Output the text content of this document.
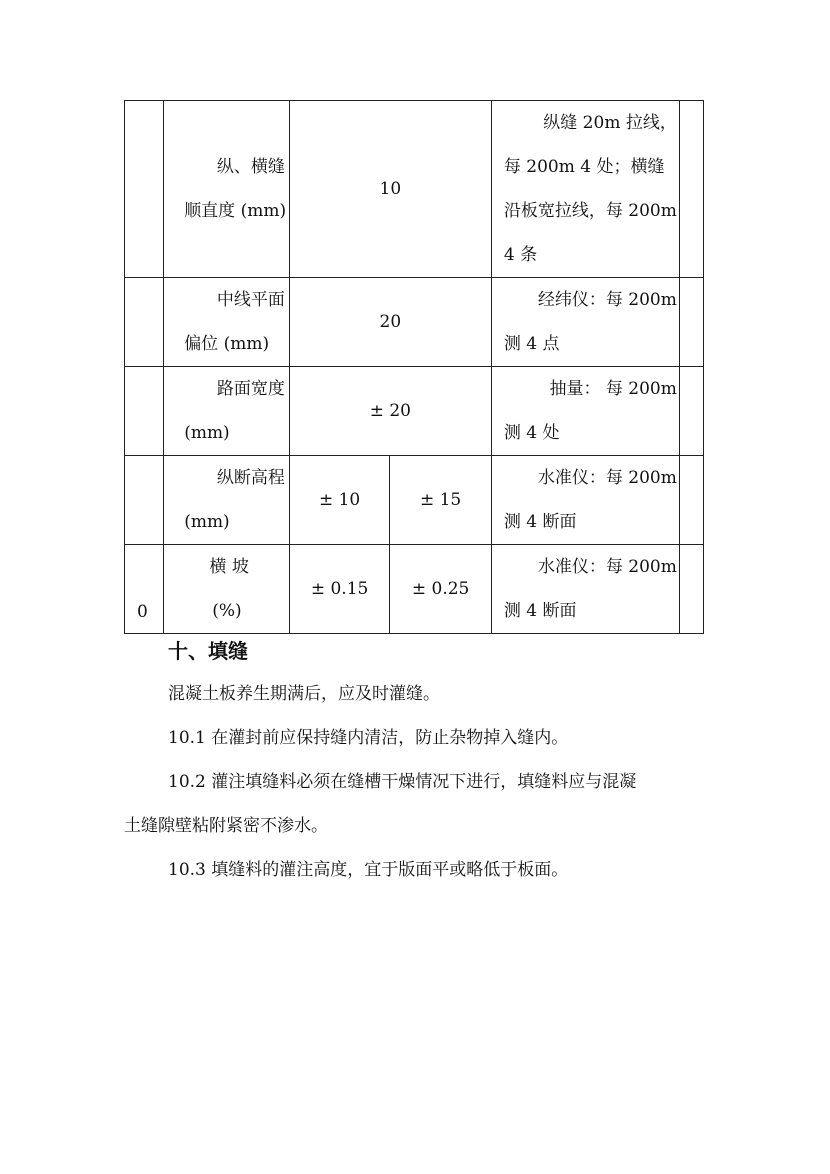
	纵、横缝
顺直度 (mm)	10		纵缝 20m 拉线，
每 200m 4 处；横缝
沿板宽拉线，每 200m
4 条	

	中线平面
偏位 (mm)	20		经纬仪：每 200m
测 4 点	

	路面宽度
(mm)	± 20		抽量： 每 200m
测 4 处	

	纵断高程
(mm)	± 10	± 15	水准仪：每 200m
测 4 断面	

0	横 坡
(%)	± 0.15	± 0.25	水准仪：每 200m
测 4 断面	

十、填缝
混凝土板养生期满后，应及时灌缝。
10.1 在灌封前应保持缝内清洁，防止杂物掉入缝内。
10.2 灌注填缝料必须在缝槽干燥情况下进行，填缝料应与混凝
土缝隙壁粘附紧密不渗水。
10.3 填缝料的灌注高度，宜于版面平或略低于板面。
